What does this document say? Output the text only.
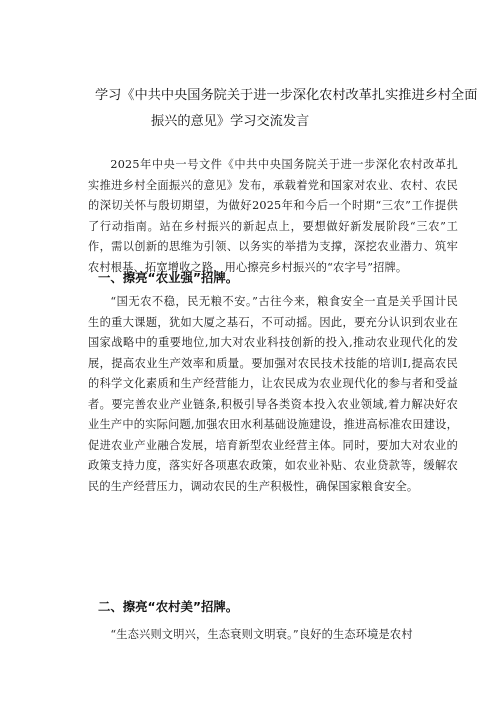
学习《中共中央国务院关于进一步深化农村改革扎实推进乡村全面
振兴的意见》学习交流发言

2025年中央一号文件《中共中央国务院关于进一步深化农村改革扎实推进乡村全面振兴的意见》发布，承载着党和国家对农业、农村、农民的深切关怀与殷切期望，为做好2025年和今后一个时期“三农”工作提供了行动指南。站在乡村振兴的新起点上，要想做好新发展阶段“三农”工作，需以创新的思维为引领、以务实的举措为支撑，深挖农业潜力、筑牢农村根基、拓宽增收之路，用心擦亮乡村振兴的“农字号”招牌。

一、擦亮“农业强”招牌。

“国无农不稳，民无粮不安。”古往今来，粮食安全一直是关乎国计民生的重大课题，犹如大厦之基石，不可动摇。因此，要充分认识到农业在国家战略中的重要地位,加大对农业科技创新的投入,推动农业现代化的发展，提高农业生产效率和质量。要加强对农民技术技能的培训Ⅰ,提高农民的科学文化素质和生产经营能力，让农民成为农业现代化的参与者和受益者。要完善农业产业链条,积极引导各类资本投入农业领域,着力解决好农业生产中的实际问题,加强农田水利基础设施建设，推进高标准农田建设，促进农业产业融合发展，培育新型农业经营主体。同时，要加大对农业的政策支持力度，落实好各项惠农政策，如农业补贴、农业贷款等，缓解农民的生产经营压力，调动农民的生产积极性，确保国家粮食安全。

二、擦亮“农村美”招牌。

“生态兴则文明兴，生态衰则文明衰。”良好的生态环境是农村
